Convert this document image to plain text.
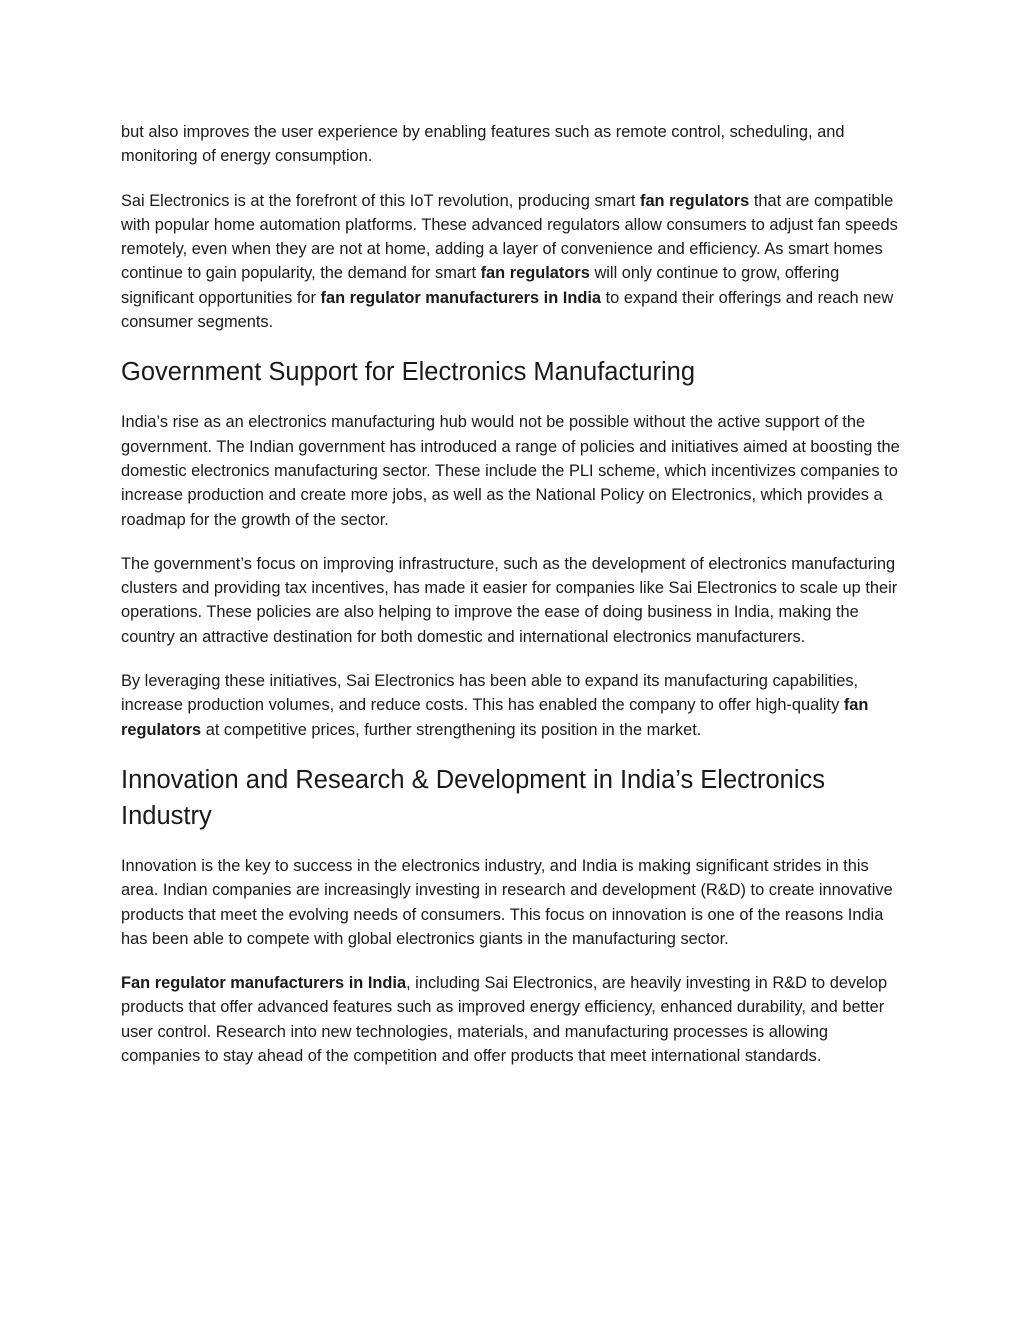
but also improves the user experience by enabling features such as remote control, scheduling, and monitoring of energy consumption.

Sai Electronics is at the forefront of this IoT revolution, producing smart fan regulators that are compatible with popular home automation platforms. These advanced regulators allow consumers to adjust fan speeds remotely, even when they are not at home, adding a layer of convenience and efficiency. As smart homes continue to gain popularity, the demand for smart fan regulators will only continue to grow, offering significant opportunities for fan regulator manufacturers in India to expand their offerings and reach new consumer segments.

Government Support for Electronics Manufacturing

India’s rise as an electronics manufacturing hub would not be possible without the active support of the government. The Indian government has introduced a range of policies and initiatives aimed at boosting the domestic electronics manufacturing sector. These include the PLI scheme, which incentivizes companies to increase production and create more jobs, as well as the National Policy on Electronics, which provides a roadmap for the growth of the sector.

The government’s focus on improving infrastructure, such as the development of electronics manufacturing clusters and providing tax incentives, has made it easier for companies like Sai Electronics to scale up their operations. These policies are also helping to improve the ease of doing business in India, making the country an attractive destination for both domestic and international electronics manufacturers.

By leveraging these initiatives, Sai Electronics has been able to expand its manufacturing capabilities, increase production volumes, and reduce costs. This has enabled the company to offer high-quality fan regulators at competitive prices, further strengthening its position in the market.

Innovation and Research & Development in India’s Electronics Industry

Innovation is the key to success in the electronics industry, and India is making significant strides in this area. Indian companies are increasingly investing in research and development (R&D) to create innovative products that meet the evolving needs of consumers. This focus on innovation is one of the reasons India has been able to compete with global electronics giants in the manufacturing sector.

Fan regulator manufacturers in India, including Sai Electronics, are heavily investing in R&D to develop products that offer advanced features such as improved energy efficiency, enhanced durability, and better user control. Research into new technologies, materials, and manufacturing processes is allowing companies to stay ahead of the competition and offer products that meet international standards.
